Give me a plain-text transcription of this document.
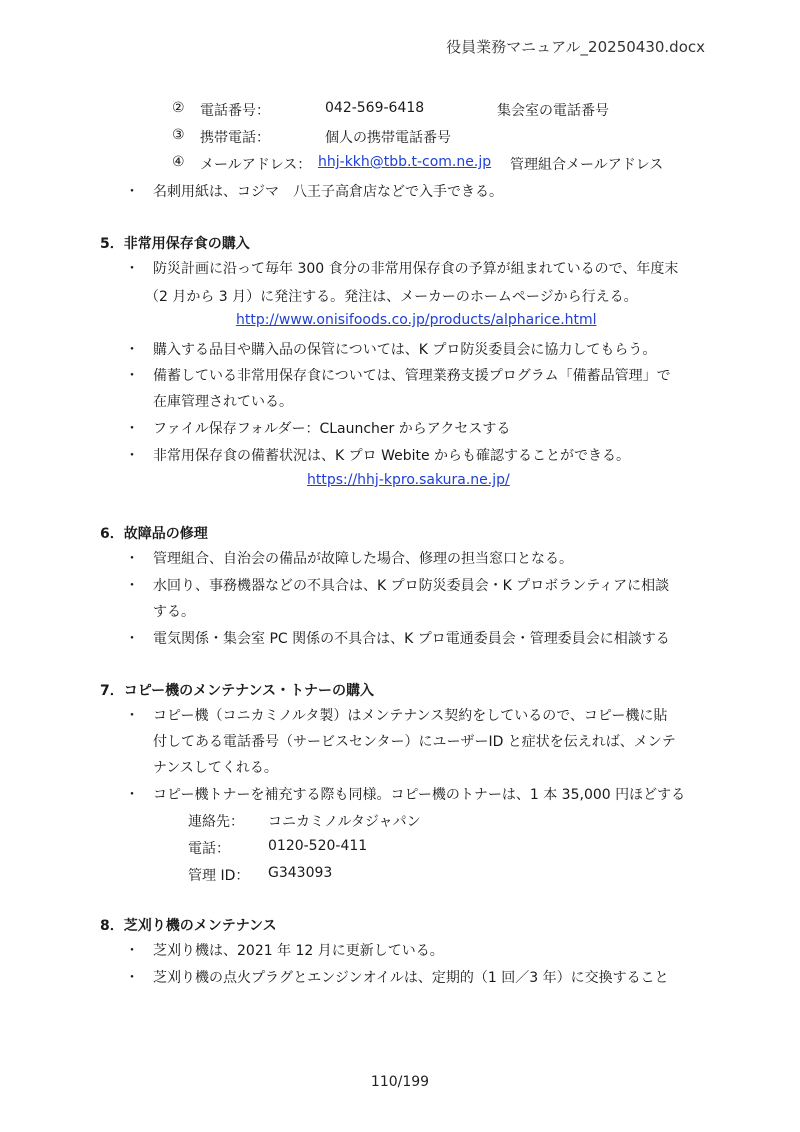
役員業務マニュアル_20250430.docx
② 電話番号：	042-569-6418	集会室の電話番号
③ 携帯電話：	個人の携帯電話番号
④ メールアドレス： hhj-kkh@tbb.t-com.ne.jp 管理組合メールアドレス
・ 名刺用紙は、コジマ　八王子高倉店などで入手できる。
5．非常用保存食の購入
・ 防災計画に沿って毎年 300 食分の非常用保存食の予算が組まれているので、年度末
（2 月から 3 月）に発注する。発注は、メーカーのホームページから行える。
http://www.onisifoods.co.jp/products/alpharice.html
・ 購入する品目や購入品の保管については、K プロ防災委員会に協力してもらう。
・ 備蓄している非常用保存食については、管理業務支援プログラム「備蓄品管理」で
在庫管理されている。
・ ファイル保存フォルダー：CLauncher からアクセスする
・ 非常用保存食の備蓄状況は、K プロ Webite からも確認することができる。
https://hhj-kpro.sakura.ne.jp/
6．故障品の修理
・ 管理組合、自治会の備品が故障した場合、修理の担当窓口となる。
・ 水回り、事務機器などの不具合は、K プロ防災委員会・K プロボランティアに相談
する。
・ 電気関係・集会室 PC 関係の不具合は、K プロ電通委員会・管理委員会に相談する
7．コピー機のメンテナンス・トナーの購入
・ コピー機（コニカミノルタ製）はメンテナンス契約をしているので、コピー機に貼
付してある電話番号（サービスセンター）にユーザーID と症状を伝えれば、メンテ
ナンスしてくれる。
・ コピー機トナーを補充する際も同様。コピー機のトナーは、1 本 35,000 円ほどする
連絡先： コニカミノルタジャパン
電話：	0120-520-411
管理 ID： G343093
8．芝刈り機のメンテナンス
・ 芝刈り機は、2021 年 12 月に更新している。
・ 芝刈り機の点火プラグとエンジンオイルは、定期的（1 回／3 年）に交換すること
110/199
